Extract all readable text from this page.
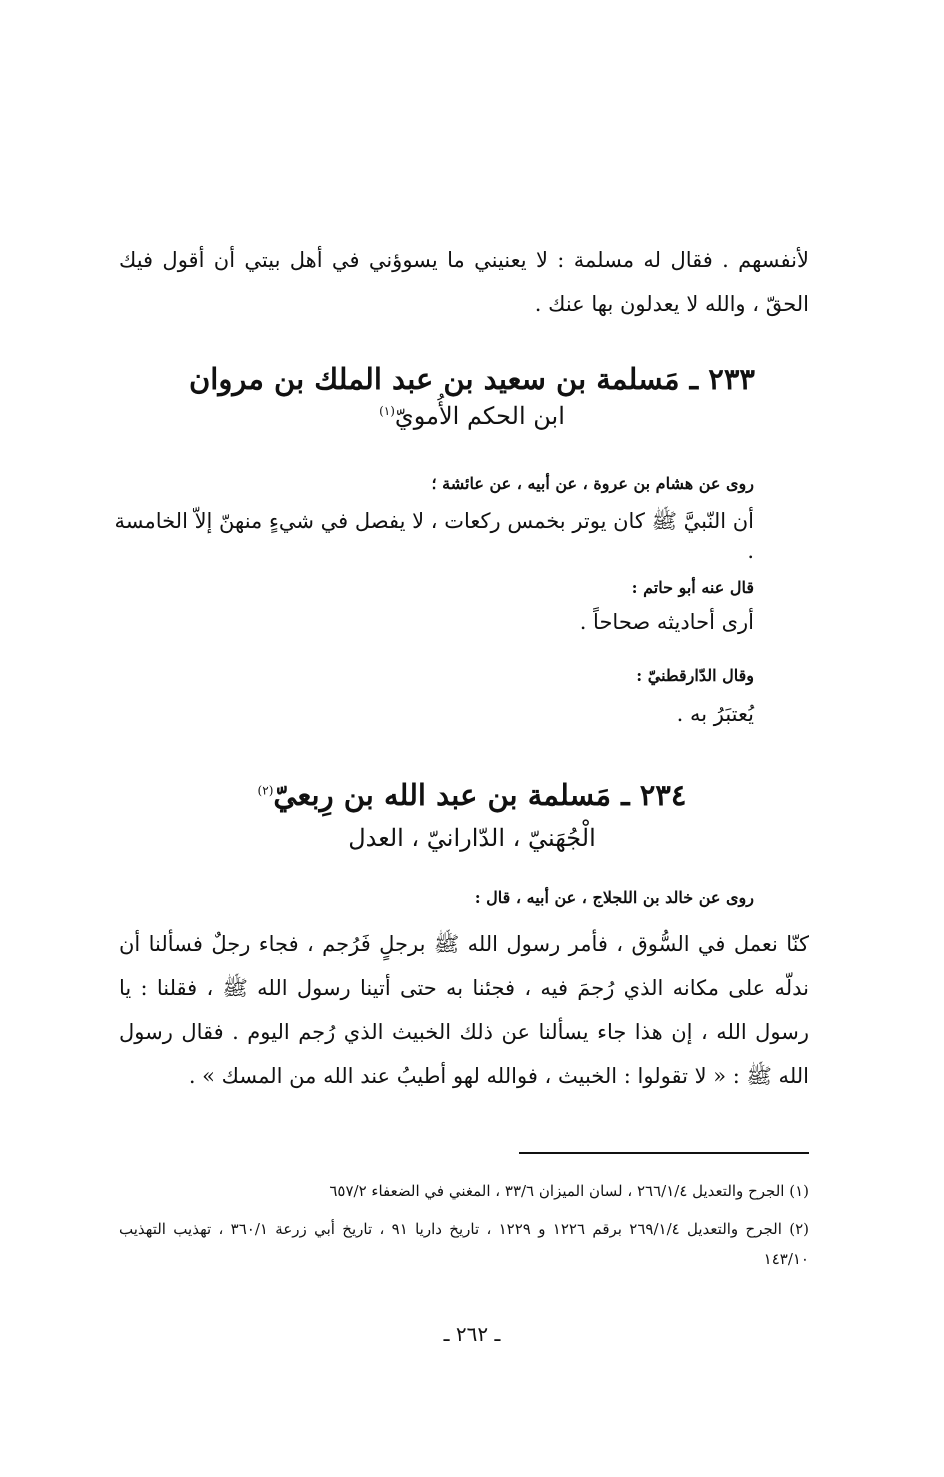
لأنفسهم . فقال له مسلمة : لا يعنيني ما يسوؤني في أهل بيتي أن أقول فيك الحقّ ، والله لا يعدلون بها عنك .

٢٣٣ ـ مَسلمة بن سعيد بن عبد الملك بن مروان
ابن الحكم الأُمويّ$^{(١)}$
روى عن هشام بن عروة ، عن أبيه ، عن عائشة ؛
أن النّبيَّ ﷺ كان يوتر بخمس ركعات ، لا يفصل في شيءٍ منهنّ إلاّ الخامسة .
قال عنه أبو حاتم :
أرى أحاديثه صحاحاً .
وقال الدّارقطنيّ :
يُعتبَرُ به .
٢٣٤ ـ مَسلمة بن عبد الله بن رِبعيّ$^{(٢)}$
الْجُهَنيّ ، الدّارانيّ ، العدل
روى عن خالد بن اللجلاج ، عن أبيه ، قال :

كنّا نعمل في السُّوق ، فأمر رسول الله ﷺ برجلٍ فَرُجم ، فجاء رجلٌ فسألنا أن ندلّه على مكانه الذي رُجمَ فيه ، فجئنا به حتى أتينا رسول الله ﷺ ، فقلنا : يا رسول الله ، إن هذا جاء يسألنا عن ذلك الخبيث الذي رُجم اليوم . فقال رسول الله ﷺ : « لا تقولوا : الخبيث ، فوالله لهو أطيبُ عند الله من المسك » .

(١) الجرح والتعديل ٢٦٦/١/٤ ، لسان الميزان ٣٣/٦ ، المغني في الضعفاء ٦٥٧/٢
(٢) الجرح والتعديل ٢٦٩/١/٤ برقم ١٢٢٦ و ١٢٢٩ ، تاريخ داريا ٩١ ، تاريخ أبي زرعة ٣٦٠/١ ، تهذيب التهذيب ١٤٣/١٠
ـ ٢٦٢ ـ
